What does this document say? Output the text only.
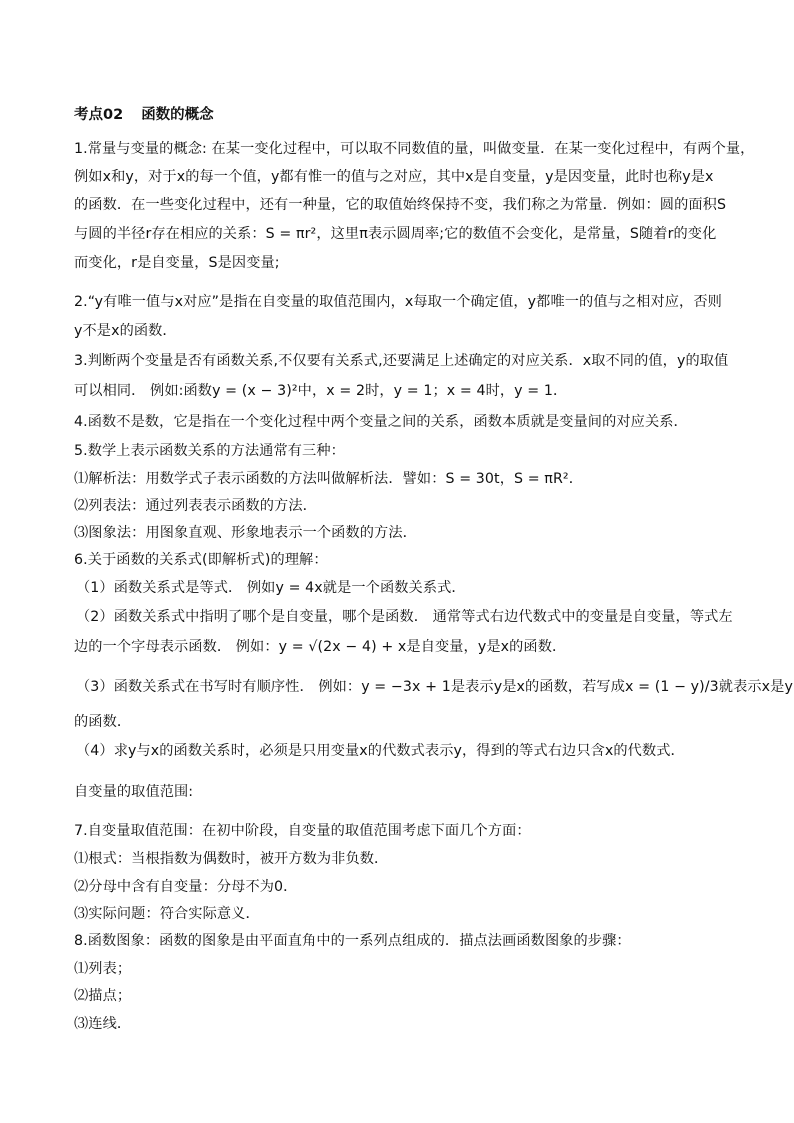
考点02 函数的概念
1.常量与变量的概念: 在某一变化过程中，可以取不同数值的量，叫做变量．在某一变化过程中，有两个量，
例如x和y，对于x的每一个值，y都有惟一的值与之对应，其中x是自变量，y是因变量，此时也称y是x
的函数．在一些变化过程中，还有一种量，它的取值始终保持不变，我们称之为常量．例如：圆的面积S
与圆的半径r存在相应的关系：S = πr²，这里π表示圆周率;它的数值不会变化，是常量，S随着r的变化
而变化，r是自变量，S是因变量;
2.“y有唯一值与x对应”是指在自变量的取值范围内，x每取一个确定值，y都唯一的值与之相对应，否则
y不是x的函数．
3.判断两个变量是否有函数关系,不仅要有关系式,还要满足上述确定的对应关系．x取不同的值，y的取值
可以相同． 例如:函数y = (x − 3)²中，x = 2时，y = 1；x = 4时，y = 1．
4.函数不是数，它是指在一个变化过程中两个变量之间的关系，函数本质就是变量间的对应关系．
5.数学上表示函数关系的方法通常有三种：
⑴解析法：用数学式子表示函数的方法叫做解析法．譬如：S = 30t，S = πR²．
⑵列表法：通过列表表示函数的方法．
⑶图象法：用图象直观、形象地表示一个函数的方法．
6.关于函数的关系式(即解析式)的理解：
（1）函数关系式是等式． 例如y = 4x就是一个函数关系式．
（2）函数关系式中指明了哪个是自变量，哪个是函数． 通常等式右边代数式中的变量是自变量，等式左
边的一个字母表示函数． 例如：y = √(2x − 4) + x是自变量，y是x的函数．
（3）函数关系式在书写时有顺序性． 例如：y = −3x + 1是表示y是x的函数，若写成x = (1 − y)/3就表示x是y
的函数．
（4）求y与x的函数关系时，必须是只用变量x的代数式表示y，得到的等式右边只含x的代数式．
自变量的取值范围:
7.自变量取值范围：在初中阶段，自变量的取值范围考虑下面几个方面：
⑴根式：当根指数为偶数时，被开方数为非负数．
⑵分母中含有自变量：分母不为0．
⑶实际问题：符合实际意义．
8.函数图象：函数的图象是由平面直角中的一系列点组成的．描点法画函数图象的步骤：
⑴列表；
⑵描点；
⑶连线．
